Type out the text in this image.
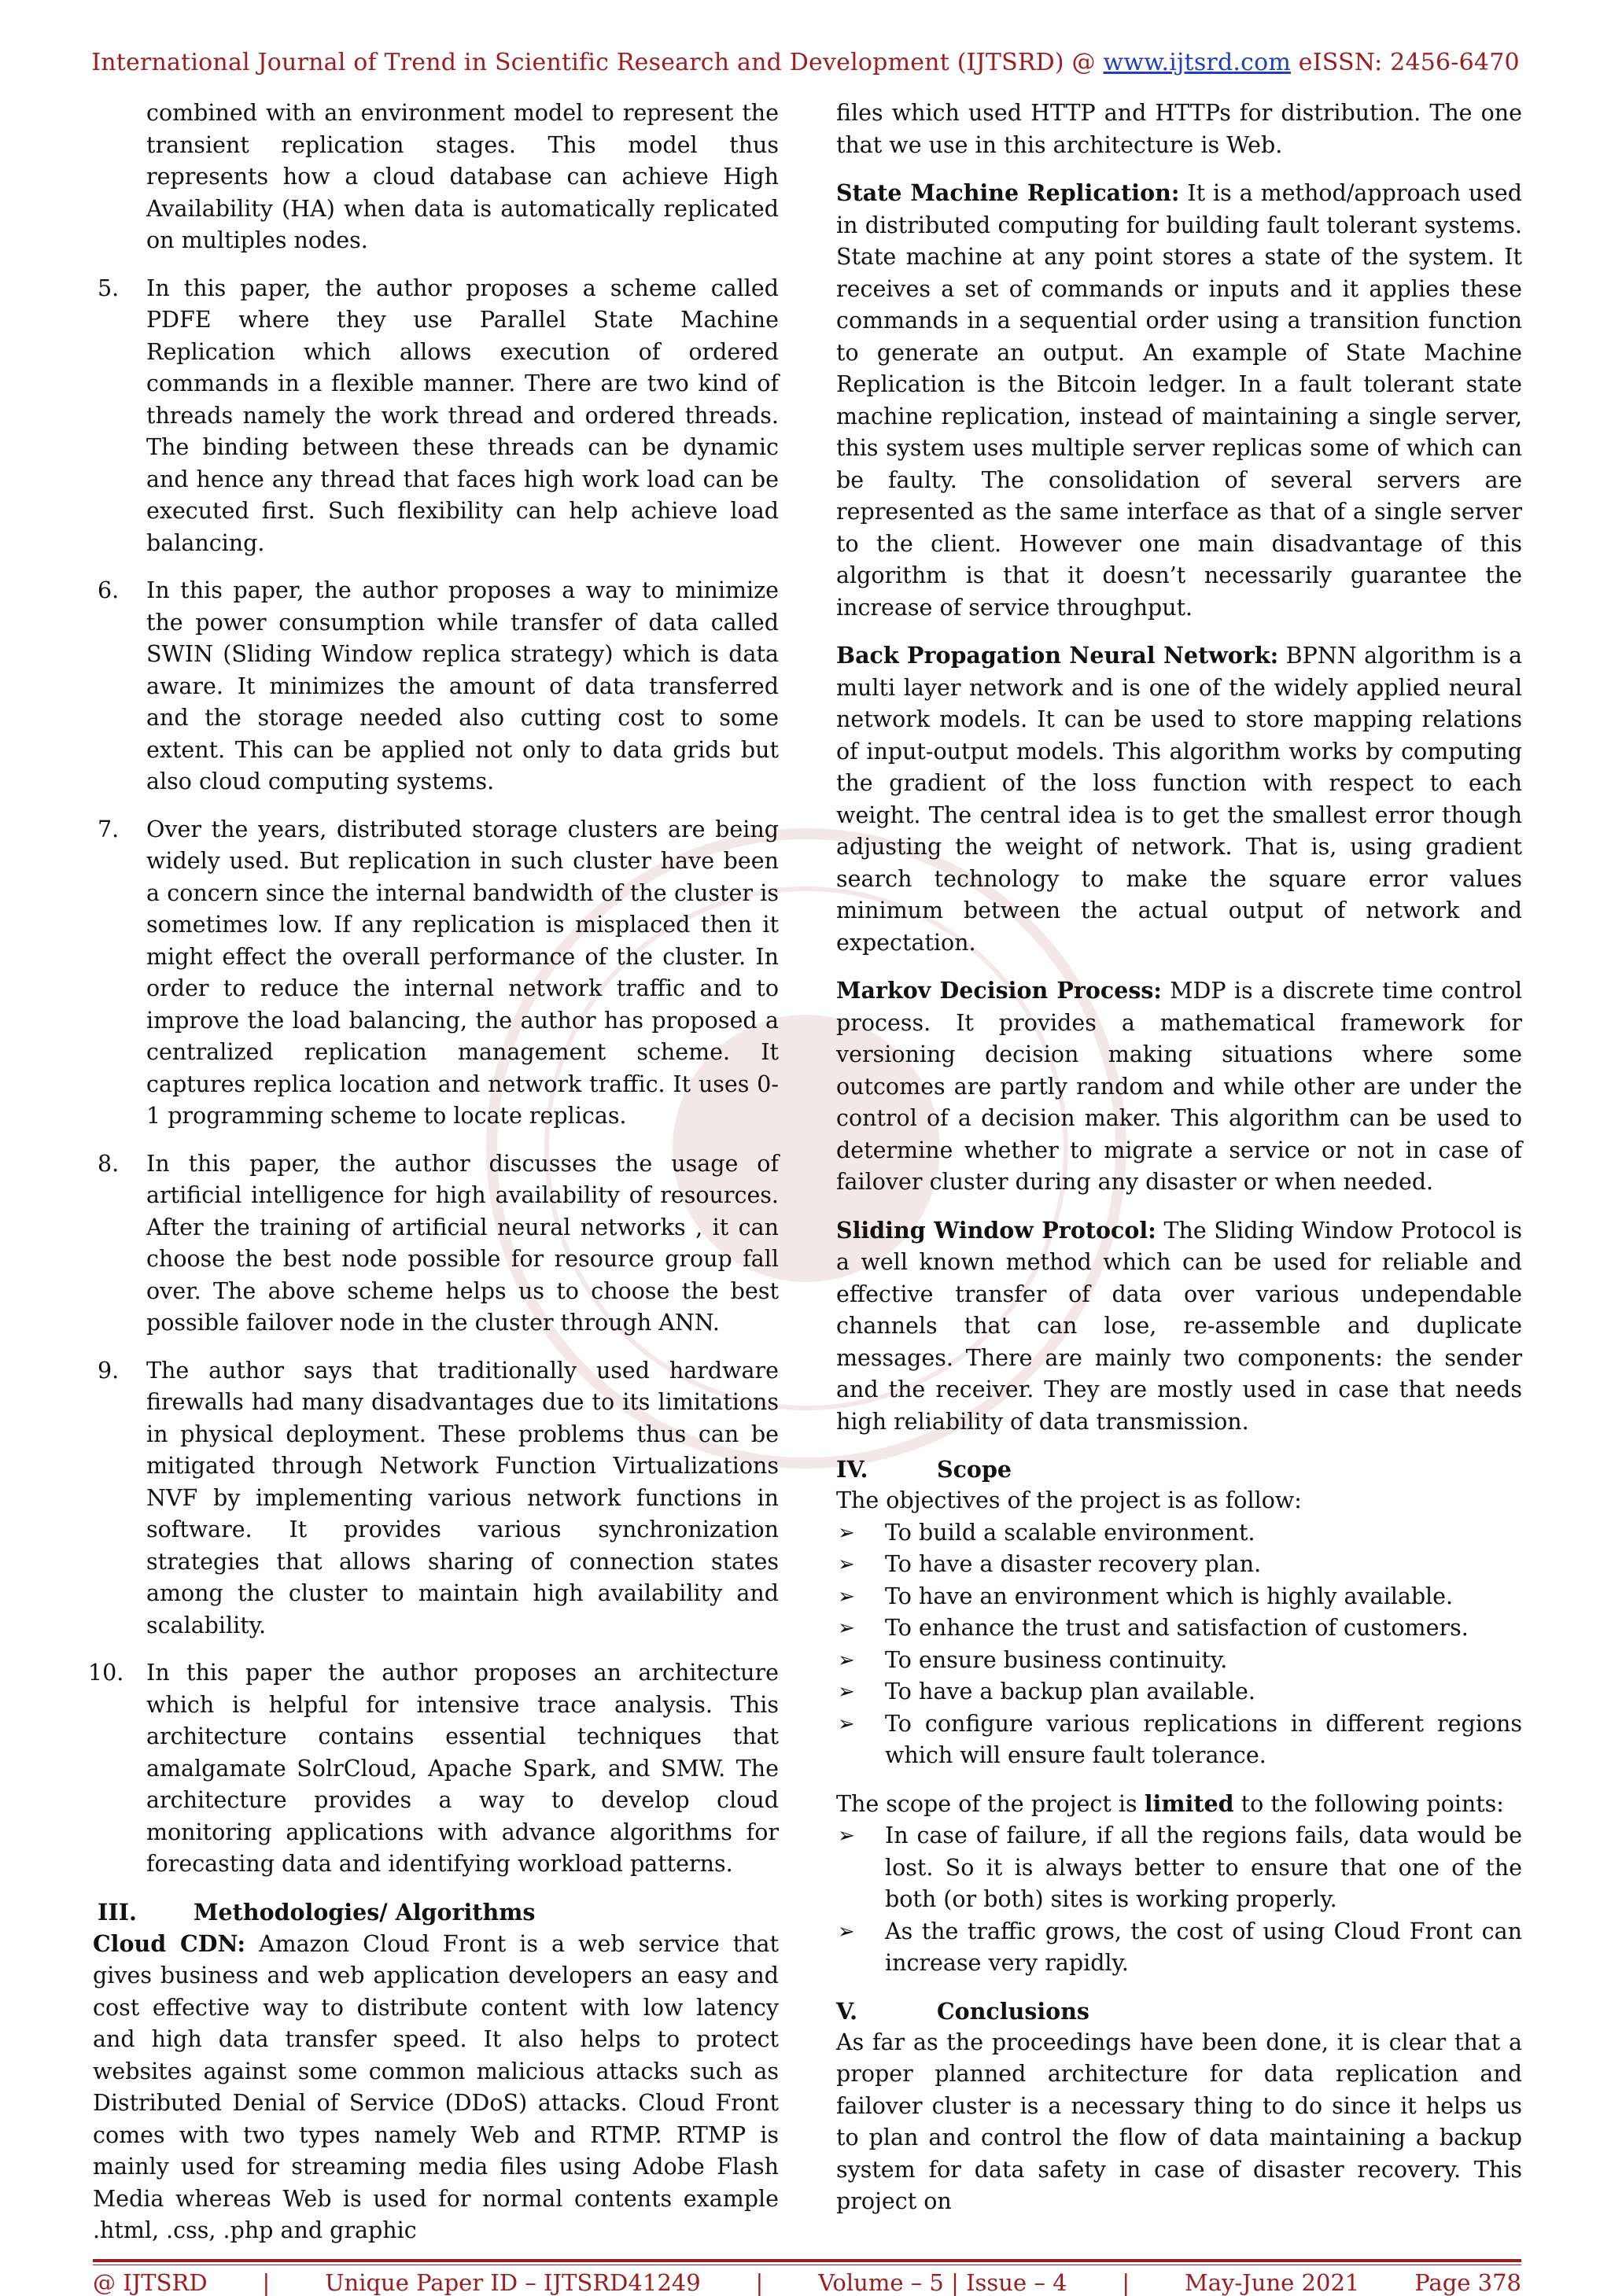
International Journal of Trend in Scientific Research and Development (IJTSRD) @ www.ijtsrd.com eISSN: 2456-6470

combined with an environment model to represent the transient replication stages. This model thus represents how a cloud database can achieve High Availability (HA) when data is automatically replicated on multiples nodes.

5. In this paper, the author proposes a scheme called PDFE where they use Parallel State Machine Replication which allows execution of ordered commands in a flexible manner. There are two kind of threads namely the work thread and ordered threads. The binding between these threads can be dynamic and hence any thread that faces high work load can be executed first. Such flexibility can help achieve load balancing.
6. In this paper, the author proposes a way to minimize the power consumption while transfer of data called SWIN (Sliding Window replica strategy) which is data aware. It minimizes the amount of data transferred and the storage needed also cutting cost to some extent. This can be applied not only to data grids but also cloud computing systems.
7. Over the years, distributed storage clusters are being widely used. But replication in such cluster have been a concern since the internal bandwidth of the cluster is sometimes low. If any replication is misplaced then it might effect the overall performance of the cluster. In order to reduce the internal network traffic and to improve the load balancing, the author has proposed a centralized replication management scheme. It captures replica location and network traffic. It uses 0-1 programming scheme to locate replicas.
8. In this paper, the author discusses the usage of artificial intelligence for high availability of resources. After the training of artificial neural networks , it can choose the best node possible for resource group fall over. The above scheme helps us to choose the best possible failover node in the cluster through ANN.
9. The author says that traditionally used hardware firewalls had many disadvantages due to its limitations in physical deployment. These problems thus can be mitigated through Network Function Virtualizations NVF by implementing various network functions in software. It provides various synchronization strategies that allows sharing of connection states among the cluster to maintain high availability and scalability.
10. In this paper the author proposes an architecture which is helpful for intensive trace analysis. This architecture contains essential techniques that amalgamate SolrCloud, Apache Spark, and SMW. The architecture provides a way to develop cloud monitoring applications with advance algorithms for forecasting data and identifying workload patterns.
III.	Methodologies/ Algorithms

Cloud CDN: Amazon Cloud Front is a web service that gives business and web application developers an easy and cost effective way to distribute content with low latency and high data transfer speed. It also helps to protect websites against some common malicious attacks such as Distributed Denial of Service (DDoS) attacks. Cloud Front comes with two types namely Web and RTMP. RTMP is mainly used for streaming media files using Adobe Flash Media whereas Web is used for normal contents example .html, .css, .php and graphic

files which used HTTP and HTTPs for distribution. The one that we use in this architecture is Web.

State Machine Replication: It is a method/approach used in distributed computing for building fault tolerant systems. State machine at any point stores a state of the system. It receives a set of commands or inputs and it applies these commands in a sequential order using a transition function to generate an output. An example of State Machine Replication is the Bitcoin ledger. In a fault tolerant state machine replication, instead of maintaining a single server, this system uses multiple server replicas some of which can be faulty. The consolidation of several servers are represented as the same interface as that of a single server to the client. However one main disadvantage of this algorithm is that it doesn’t necessarily guarantee the increase of service throughput.

Back Propagation Neural Network: BPNN algorithm is a multi layer network and is one of the widely applied neural network models. It can be used to store mapping relations of input-output models. This algorithm works by computing the gradient of the loss function with respect to each weight. The central idea is to get the smallest error though adjusting the weight of network. That is, using gradient search technology to make the square error values minimum between the actual output of network and expectation.

Markov Decision Process: MDP is a discrete time control process. It provides a mathematical framework for versioning decision making situations where some outcomes are partly random and while other are under the control of a decision maker. This algorithm can be used to determine whether to migrate a service or not in case of failover cluster during any disaster or when needed.

Sliding Window Protocol: The Sliding Window Protocol is a well known method which can be used for reliable and effective transfer of data over various undependable channels that can lose, re-assemble and duplicate messages. There are mainly two components: the sender and the receiver. They are mostly used in case that needs high reliability of data transmission.

IV.	Scope
The objectives of the project is as follow:
➢ To build a scalable environment.
➢ To have a disaster recovery plan.
➢ To have an environment which is highly available.
➢ To enhance the trust and satisfaction of customers.
➢ To ensure business continuity.
➢ To have a backup plan available.
➢ To configure various replications in different regions which will ensure fault tolerance.
The scope of the project is limited to the following points:
➢ In case of failure, if all the regions fails, data would be lost. So it is always better to ensure that one of the both (or both) sites is working properly.
➢ As the traffic grows, the cost of using Cloud Front can increase very rapidly.
V.	Conclusions

As far as the proceedings have been done, it is clear that a proper planned architecture for data replication and failover cluster is a necessary thing to do since it helps us to plan and control the flow of data maintaining a backup system for data safety in case of disaster recovery. This project on

@ IJTSRD | Unique Paper ID – IJTSRD41249 | Volume – 5 | Issue – 4 | May-June 2021 Page 378
